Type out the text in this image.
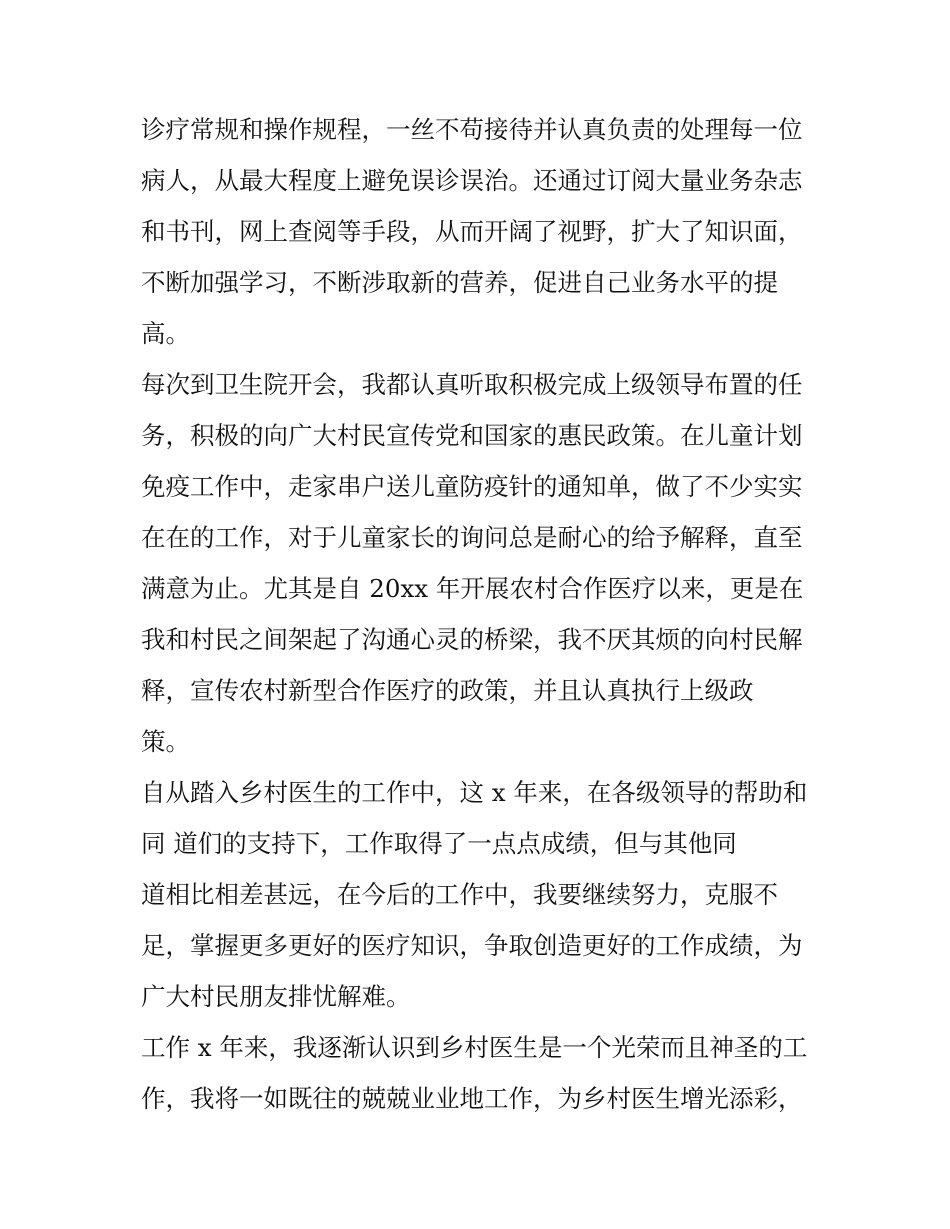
诊疗常规和操作规程，一丝不苟接待并认真负责的处理每一位
病人，从最大程度上避免误诊误治。还通过订阅大量业务杂志
和书刊，网上查阅等手段，从而开阔了视野，扩大了知识面，
不断加强学习，不断涉取新的营养，促进自己业务水平的提
高。
每次到卫生院开会，我都认真听取积极完成上级领导布置的任
务，积极的向广大村民宣传党和国家的惠民政策。在儿童计划
免疫工作中，走家串户送儿童防疫针的通知单，做了不少实实
在在的工作，对于儿童家长的询问总是耐心的给予解释，直至
满意为止。尤其是自 20xx 年开展农村合作医疗以来，更是在
我和村民之间架起了沟通心灵的桥梁，我不厌其烦的向村民解
释，宣传农村新型合作医疗的政策，并且认真执行上级政
策。
自从踏入乡村医生的工作中，这 x 年来，在各级领导的帮助和
同 道们的支持下，工作取得了一点点成绩，但与其他同
道相比相差甚远，在今后的工作中，我要继续努力，克服不
足，掌握更多更好的医疗知识，争取创造更好的工作成绩，为
广大村民朋友排忧解难。
工作 x 年来，我逐渐认识到乡村医生是一个光荣而且神圣的工
作，我将一如既往的兢兢业业地工作，为乡村医生增光添彩，
